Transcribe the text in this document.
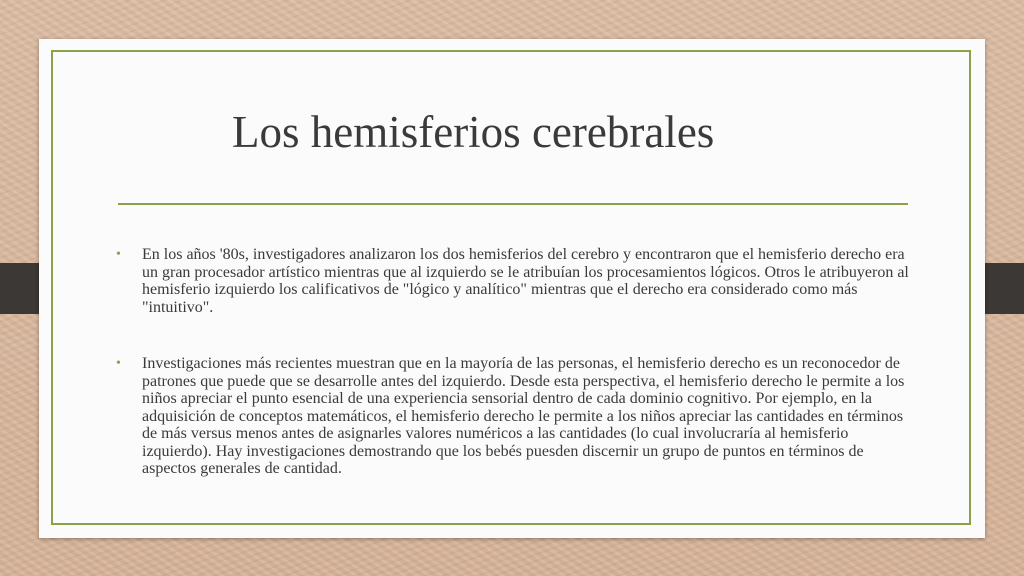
Los hemisferios cerebrales
• En los años '80s, investigadores analizaron los dos hemisferios del cerebro y encontraron que el hemisferio derecho era un gran procesador artístico mientras que al izquierdo se le atribuían los procesamientos lógicos. Otros le atribuyeron al hemisferio izquierdo los calificativos de "lógico y analítico" mientras que el derecho era considerado como más "intuitivo".

• Investigaciones más recientes muestran que en la mayoría de las personas, el hemisferio derecho es un reconocedor de patrones que puede que se desarrolle antes del izquierdo. Desde esta perspectiva, el hemisferio derecho le permite a los niños apreciar el punto esencial de una experiencia sensorial dentro de cada dominio cognitivo. Por ejemplo, en la adquisición de conceptos matemáticos, el hemisferio derecho le permite a los niños apreciar las cantidades en términos de más versus menos antes de asignarles valores numéricos a las cantidades (lo cual involucraría al hemisferio izquierdo). Hay investigaciones demostrando que los bebés puesden discernir un grupo de puntos en términos de aspectos generales de cantidad.
